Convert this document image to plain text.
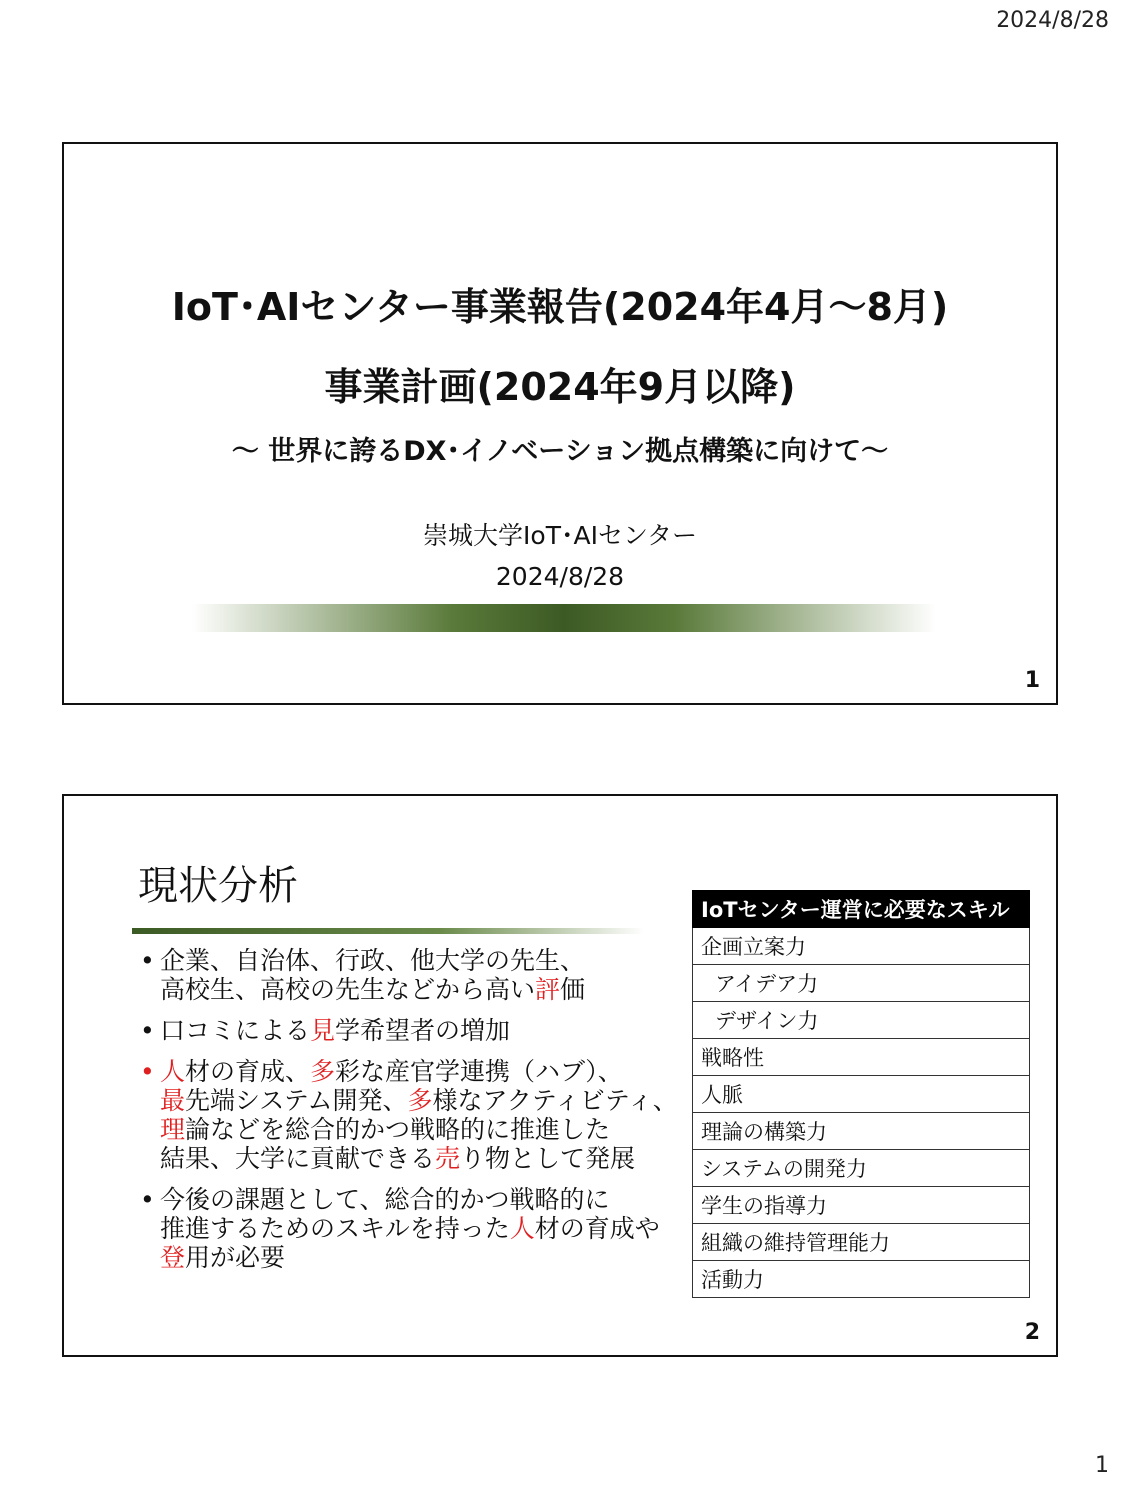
2024/8/28
IoT･AIセンター事業報告(2024年4月～8月)
事業計画(2024年9月以降)
～ 世界に誇るDX･イノベーション拠点構築に向けて～
崇城大学IoT･AIセンター
2024/8/28
1
現状分析
• 企業、自治体、行政、他大学の先生、
高校生、高校の先生などから高い評価
• 口コミによる見学希望者の増加
• 人材の育成、多彩な産官学連携（ハブ）、
最先端システム開発、多様なアクティビティ、
理論などを総合的かつ戦略的に推進した
結果、大学に貢献できる売り物として発展
• 今後の課題として、総合的かつ戦略的に
推進するためのスキルを持った人材の育成や
登用が必要
IoTセンター運営に必要なスキル
企画立案力
アイデア力
デザイン力
戦略性
人脈
理論の構築力
システムの開発力
学生の指導力
組織の維持管理能力
活動力
2
1
